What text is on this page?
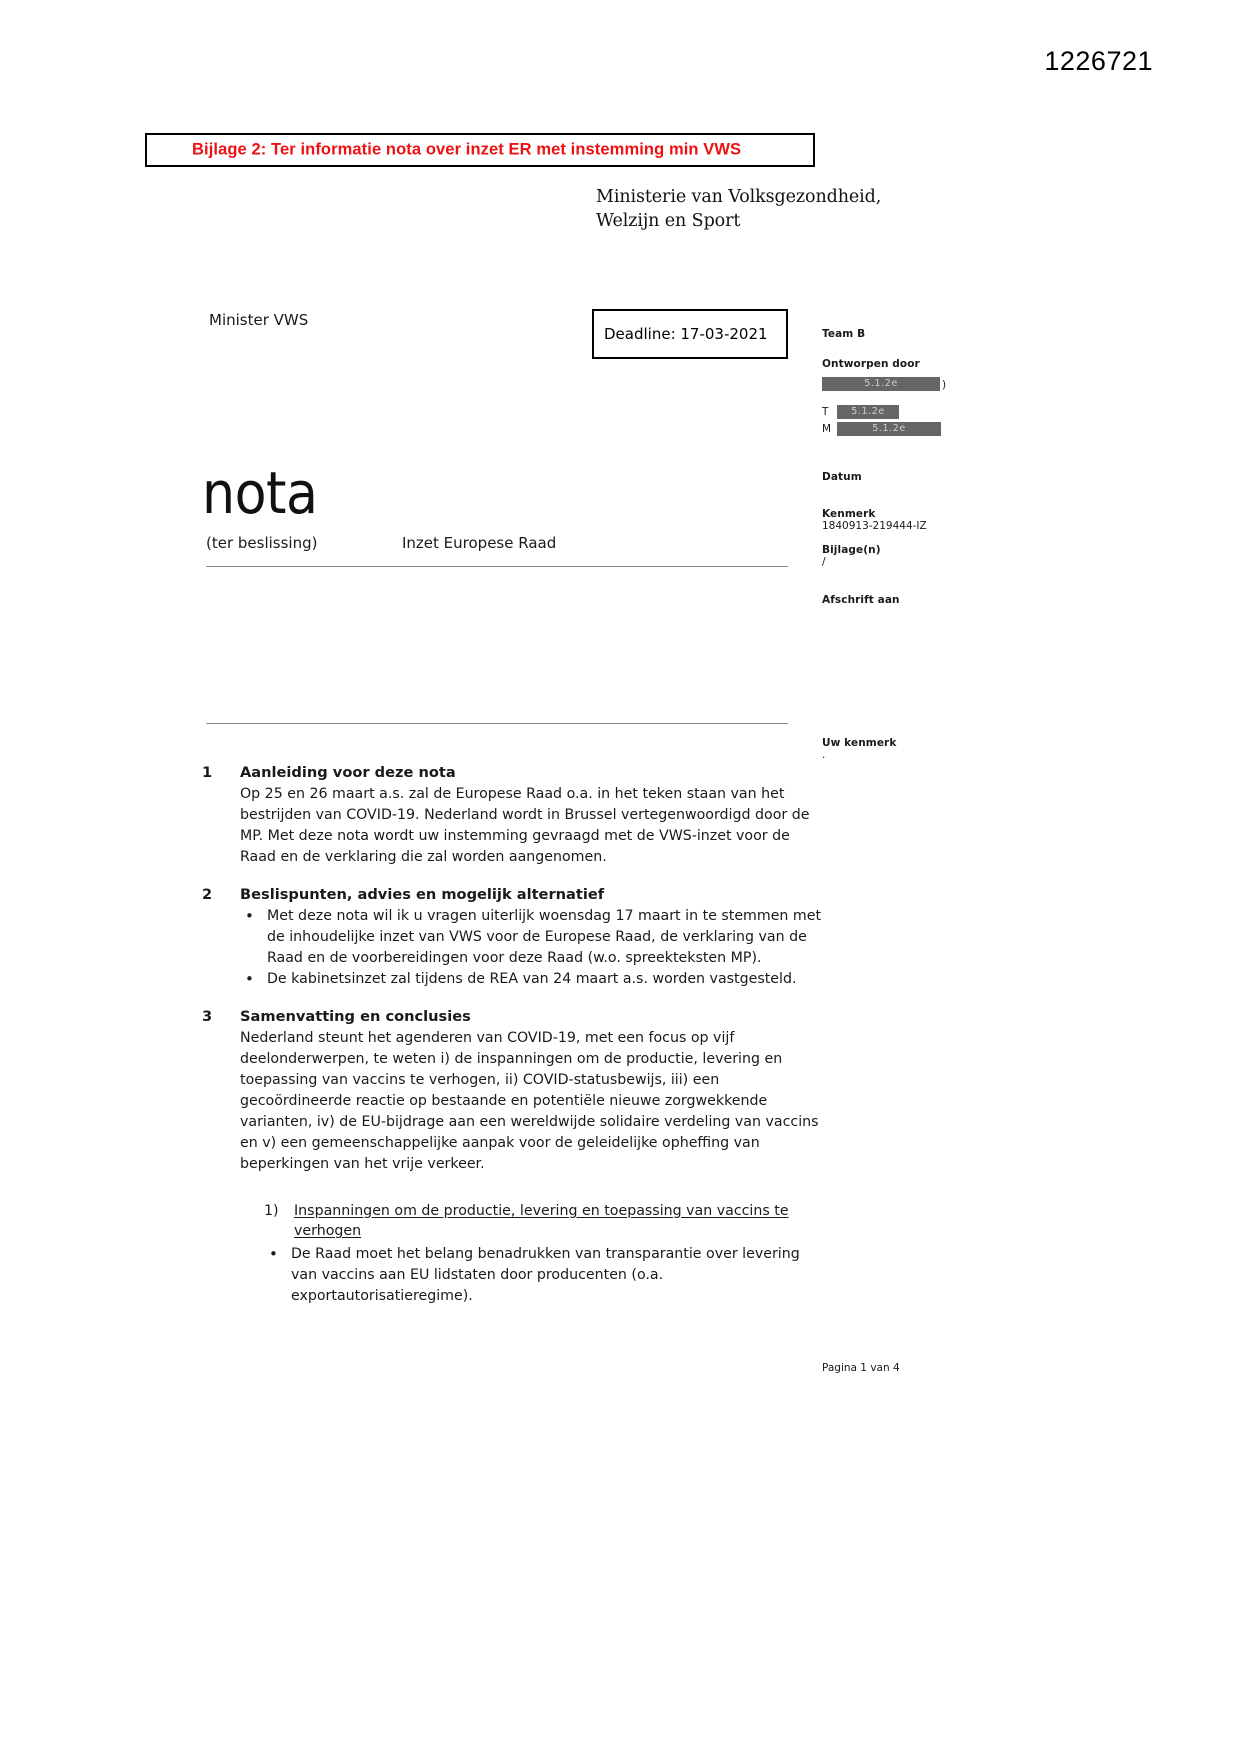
1226721
Bijlage 2: Ter informatie nota over inzet ER met instemming min VWS
Ministerie van Volksgezondheid,
Welzijn en Sport
Minister VWS
Deadline: 17-03-2021	Team B
Ontworpen door
5.1.2e	)
T	5.1.2e
M	5.1.2e
Datum
Kenmerk
1840913-219444-IZ
Bijlage(n)
/
Afschrift aan
Uw kenmerk
.
nota
(ter beslissing)	Inzet Europese Raad
1	Aanleiding voor deze nota
Op 25 en 26 maart a.s. zal de Europese Raad o.a. in het teken staan van het bestrijden van COVID-19. Nederland wordt in Brussel vertegenwoordigd door de MP. Met deze nota wordt uw instemming gevraagd met de VWS-inzet voor de Raad en de verklaring die zal worden aangenomen.
2	Beslispunten, advies en mogelijk alternatief
• Met deze nota wil ik u vragen uiterlijk woensdag 17 maart in te stemmen met de inhoudelijke inzet van VWS voor de Europese Raad, de verklaring van de Raad en de voorbereidingen voor deze Raad (w.o. spreekteksten MP).
• De kabinetsinzet zal tijdens de REA van 24 maart a.s. worden vastgesteld.
3	Samenvatting en conclusies
Nederland steunt het agenderen van COVID-19, met een focus op vijf deelonderwerpen, te weten i) de inspanningen om de productie, levering en toepassing van vaccins te verhogen, ii) COVID-statusbewijs, iii) een gecoördineerde reactie op bestaande en potentiële nieuwe zorgwekkende varianten, iv) de EU-bijdrage aan een wereldwijde solidaire verdeling van vaccins en v) een gemeenschappelijke aanpak voor de geleidelijke opheffing van beperkingen van het vrije verkeer.
1)	Inspanningen om de productie, levering en toepassing van vaccins te verhogen
• De Raad moet het belang benadrukken van transparantie over levering van vaccins aan EU lidstaten door producenten (o.a. exportautorisatieregime).
Pagina 1 van 4
